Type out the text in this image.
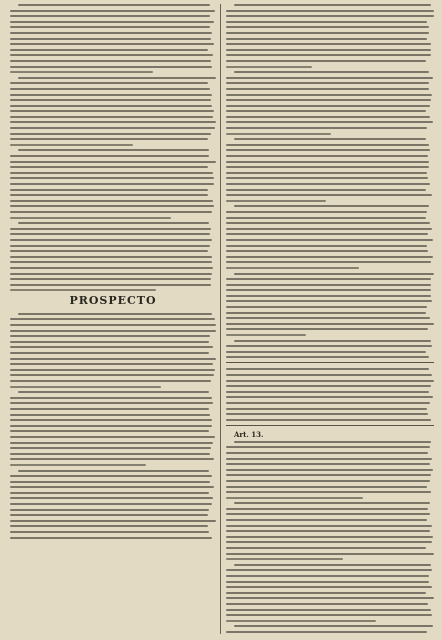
PROSPECTO
Art. 13.
